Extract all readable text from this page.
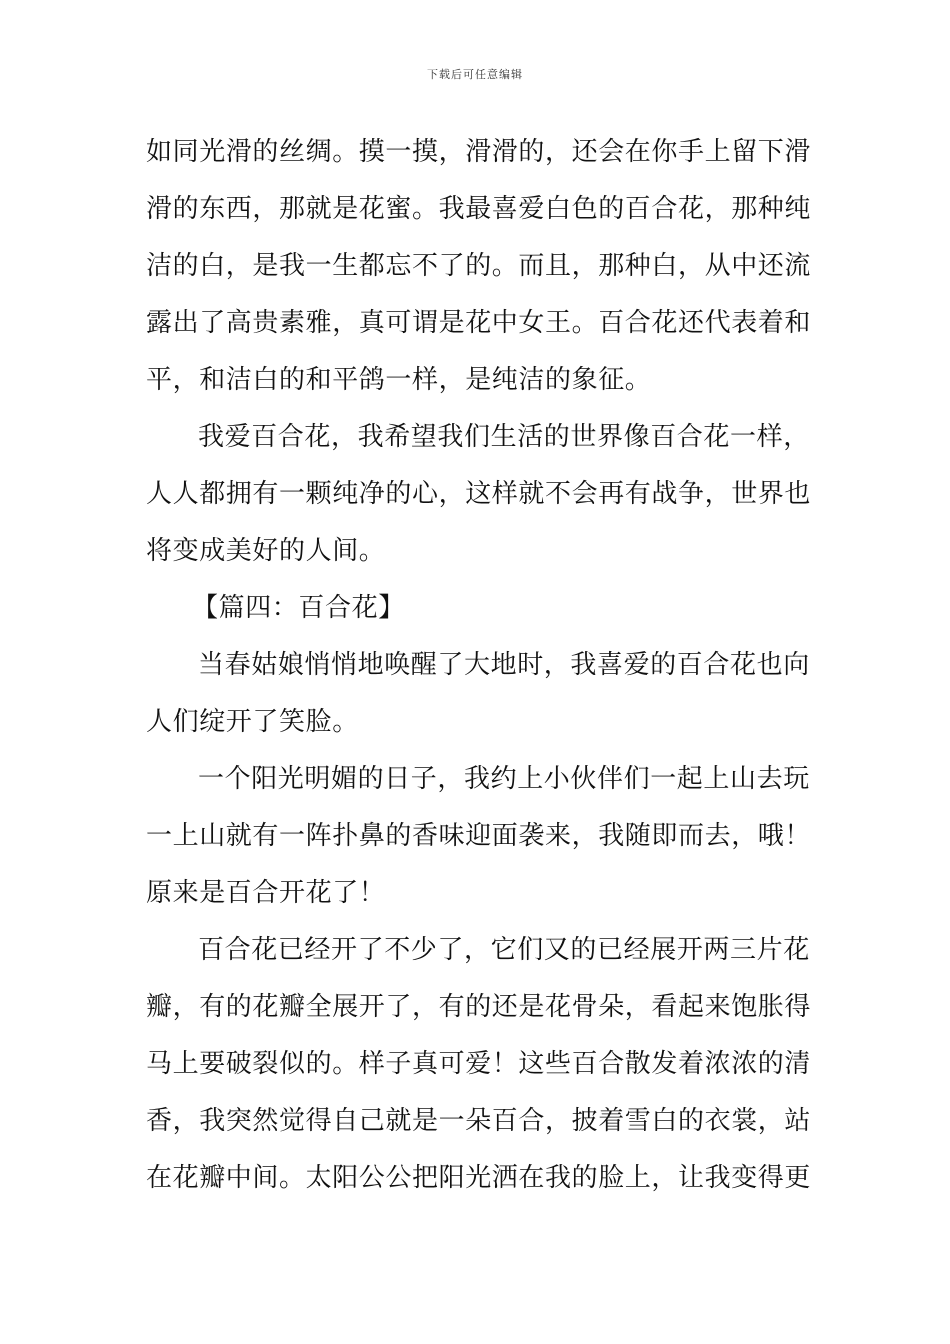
下载后可任意编辑
如同光滑的丝绸。摸一摸，滑滑的，还会在你手上留下滑
滑的东西，那就是花蜜。我最喜爱白色的百合花，那种纯
洁的白，是我一生都忘不了的。而且，那种白，从中还流
露出了高贵素雅，真可谓是花中女王。百合花还代表着和
平，和洁白的和平鸽一样，是纯洁的象征。
我爱百合花，我希望我们生活的世界像百合花一样，
人人都拥有一颗纯净的心，这样就不会再有战争，世界也
将变成美好的人间。
【篇四：百合花】
当春姑娘悄悄地唤醒了大地时，我喜爱的百合花也向
人们绽开了笑脸。
一个阳光明媚的日子，我约上小伙伴们一起上山去玩
一上山就有一阵扑鼻的香味迎面袭来，我随即而去，哦！
原来是百合开花了！
百合花已经开了不少了，它们又的已经展开两三片花
瓣，有的花瓣全展开了，有的还是花骨朵，看起来饱胀得
马上要破裂似的。样子真可爱！这些百合散发着浓浓的清
香，我突然觉得自己就是一朵百合，披着雪白的衣裳，站
在花瓣中间。太阳公公把阳光洒在我的脸上，让我变得更
